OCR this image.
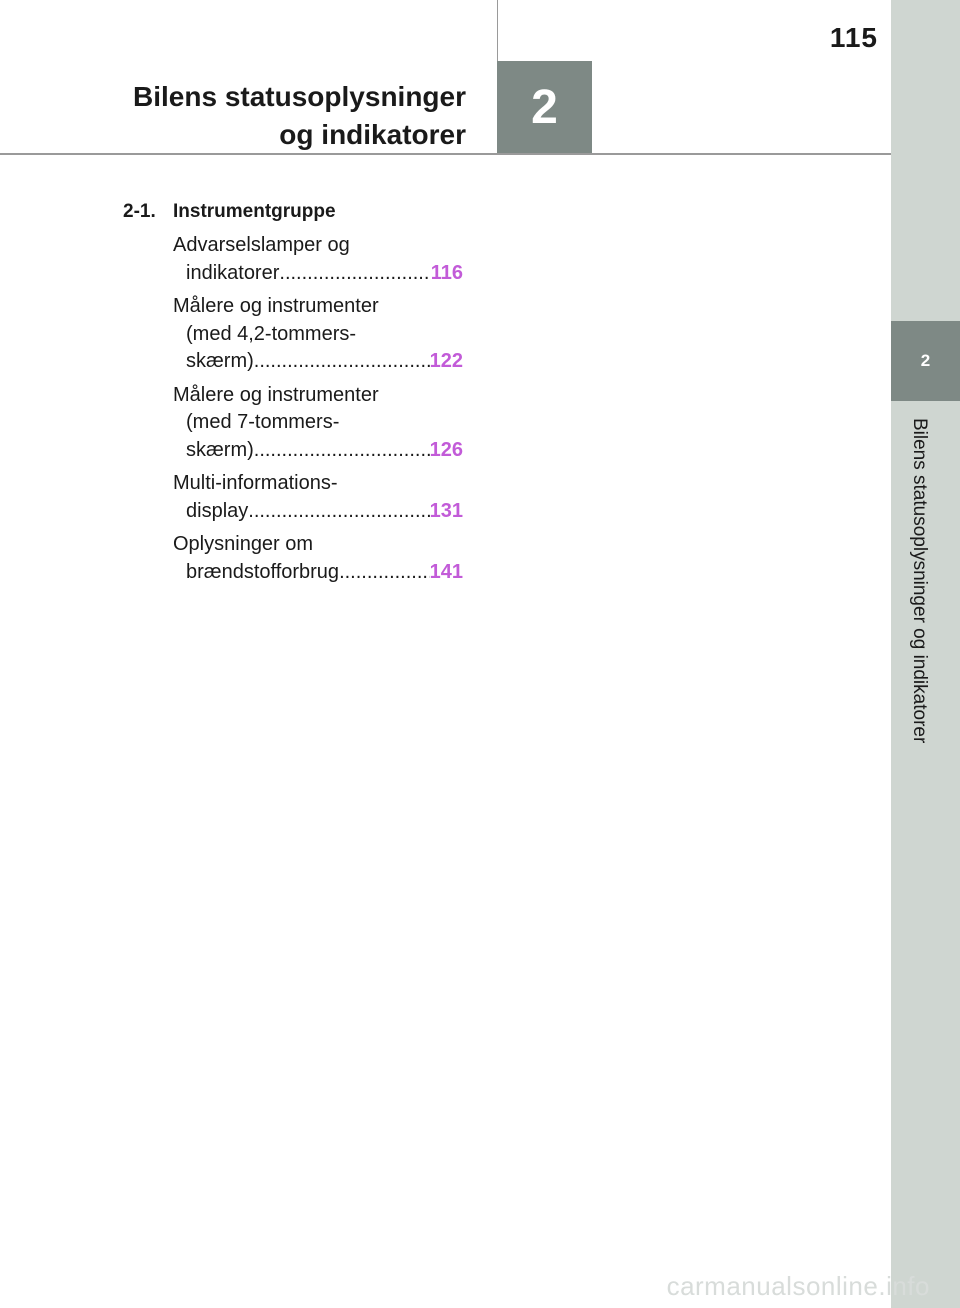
2
Bilens statusoplysninger og indikatorer
115
2
Bilens statusoplysninger
og indikatorer
2-1. Instrumentgruppe
Advarselslamper og
indikatorer .....	116
Målere og instrumenter
(med 4,2-tommers-
skærm) .....	122
Målere og instrumenter
(med 7-tommers-
skærm) .....	126
Multi-informations-
display .....	131
Oplysninger om
brændstofforbrug .....	141
carmanualsonline.info
